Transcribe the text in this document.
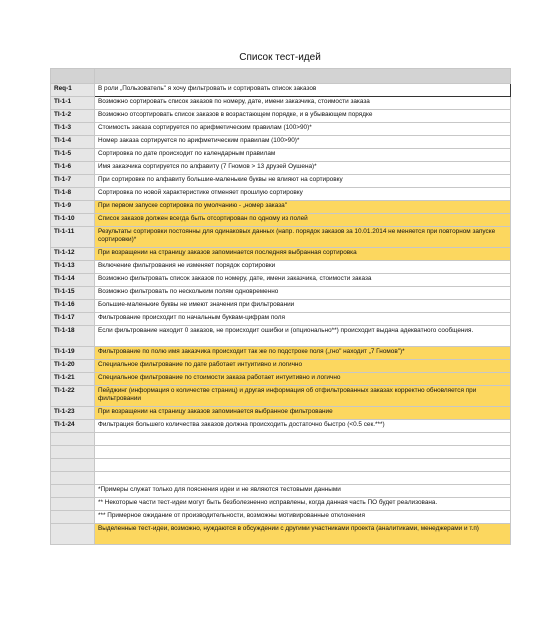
Список тест-идей

Req-1	В роли „Пользователь" я хочу фильтровать и сортировать список заказов
TI-1-1	Возможно сортировать список заказов по номеру, дате, имени заказчика, стоимости заказа
TI-1-2	Возможно отсортировать список заказов в возрастающем порядке, и в убывающем порядке
TI-1-3	Стоимость заказа сортируется по арифметическим правилам (100>90)*
TI-1-4	Номер заказа сортируется по арифметическим правилам (100>90)*
TI-1-5	Сортировка по дате происходит по календарным правилам
TI-1-6	Имя заказчика сортируется по алфавиту (7 Гномов > 13 друзей Оушена)*
TI-1-7	При сортировке по алфавиту большие-маленькие буквы не влияют на сортировку
TI-1-8	Сортировка по новой характеристике отменяет прошлую сортировку
TI-1-9	При первом запуске сортировка по умолчанию - „номер заказа"
TI-1-10	Список заказов должен всегда быть отсортирован по одному из полей
TI-1-11	Результаты сортировки постоянны для одинаковых данных (напр. порядок заказов за 10.01.2014 не меняется при повторном запуске сортировки)*
TI-1-12	При возращении на страницу заказов запоминается последняя выбранная сортировка
TI-1-13	Включение фильтрования не изменяет порядок сортировки
TI-1-14	Возможно фильтровать список заказов по номеру, дате, имени заказчика, стоимости заказа
TI-1-15	Возможно фильтровать по нескольким полям одновременно
TI-1-16	Большие-маленькие буквы не имеют значения при фильтровании
TI-1-17	Фильтрование происходит по начальным буквам-цифрам поля
TI-1-18	Если фильтрование находит 0 заказов, не происходит ошибки и (опционально**) происходит выдача адекватного сообщения.
TI-1-19	Фильтрование по полю имя заказчика происходит так же по подстроке поля („гно" находит „7 Гномов")*
TI-1-20	Специальное фильтрование по дате работает интуитивно и логично
TI-1-21	Специальное фильтрование по стоимости заказа работает интуитивно и логично
TI-1-22	Пейджинг (информация о количестве страниц) и другая информация об отфильтрованных заказах корректно обновляется при фильтровании
TI-1-23	При возращении на страницу заказов запоминается выбранное фильтрование
TI-1-24	Фильтрация большего количества заказов должна происходить достаточно быстро (<0.5 сек.***)

	*Примеры служат только для пояснения идеи и не являются тестовыми данными
	** Некоторые части тест-идеи могут быть безболезненно исправлены, когда данная часть ПО будет реализована.
	*** Примерное ожидание от производительности, возможны мотивированные отклонения
	Выделенные тест-идеи, возможно, нуждаются в обсуждении с другими участниками проекта (аналитиками, менеджерами и т.п)
